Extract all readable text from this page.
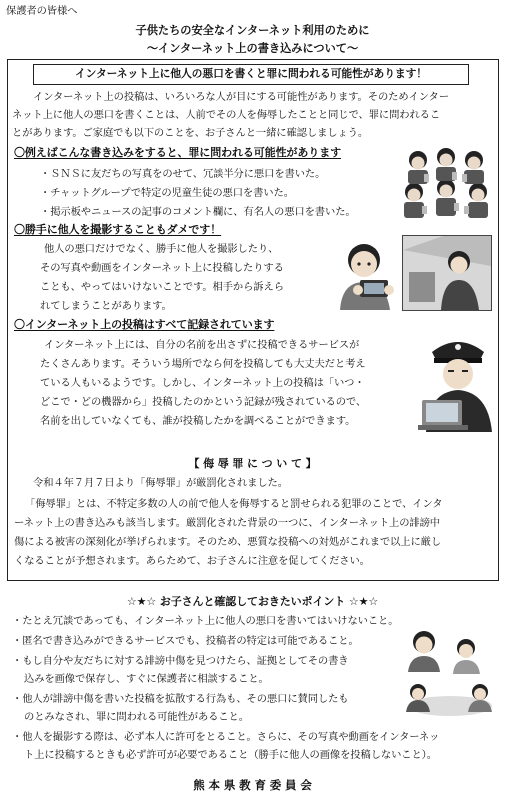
保護者の皆様へ
子供たちの安全なインターネット利用のために
～インターネット上の書き込みについて～
インターネット上に他人の悪口を書くと罪に問われる可能性があります！
インターネット上の投稿は、いろいろな人が目にする可能性があります。そのためインター
ネット上に他人の悪口を書くことは、人前でその人を侮辱したことと同じで、罪に問われるこ
とがあります。ご家庭でも以下のことを、お子さんと一緒に確認しましょう。
〇例えばこんな書き込みをすると、罪に問われる可能性があります
・ＳＮＳに友だちの写真をのせて、冗談半分に悪口を書いた。
・チャットグループで特定の児童生徒の悪口を書いた。
・掲示板やニュースの記事のコメント欄に、有名人の悪口を書いた。
〇勝手に他人を撮影することもダメです！
他人の悪口だけでなく、勝手に他人を撮影したり、
その写真や動画をインターネット上に投稿したりする
ことも、やってはいけないことです。相手から訴えら
れてしまうことがあります。
〇インターネット上の投稿はすべて記録されています
インターネット上には、自分の名前を出さずに投稿できるサービスが
たくさんあります。そういう場所でなら何を投稿しても大丈夫だと考え
ている人もいるようです。しかし、インターネット上の投稿は「いつ・
どこで・どの機器から」投稿したのかという記録が残されているので、
名前を出していなくても、誰が投稿したかを調べることができます。
【 侮 辱 罪 に つ い て 】
令和４年７月７日より「侮辱罪」が厳罰化されました。
「侮辱罪」とは、不特定多数の人の前で他人を侮辱すると罰せられる犯罪のことで、インタ
ーネット上の書き込みも該当します。厳罰化された背景の一つに、インターネット上の誹謗中
傷による被害の深刻化が挙げられます。そのため、悪質な投稿への対処がこれまで以上に厳し
くなることが予想されます。あらためて、お子さんに注意を促してください。
☆★☆ お子さんと確認しておきたいポイント ☆★☆
・たとえ冗談であっても、インターネット上に他人の悪口を書いてはいけないこと。
・匿名で書き込みができるサービスでも、投稿者の特定は可能であること。
・もし自分や友だちに対する誹謗中傷を見つけたら、証拠としてその書き
込みを画像で保存し、すぐに保護者に相談すること。
・他人が誹謗中傷を書いた投稿を拡散する行為も、その悪口に賛同したも
のとみなされ、罪に問われる可能性があること。
・他人を撮影する際は、必ず本人に許可をとること。さらに、その写真や動画をインターネッ
ト上に投稿するときも必ず許可が必要であること（勝手に他人の画像を投稿しないこと）。
熊 本 県 教 育 委 員 会
